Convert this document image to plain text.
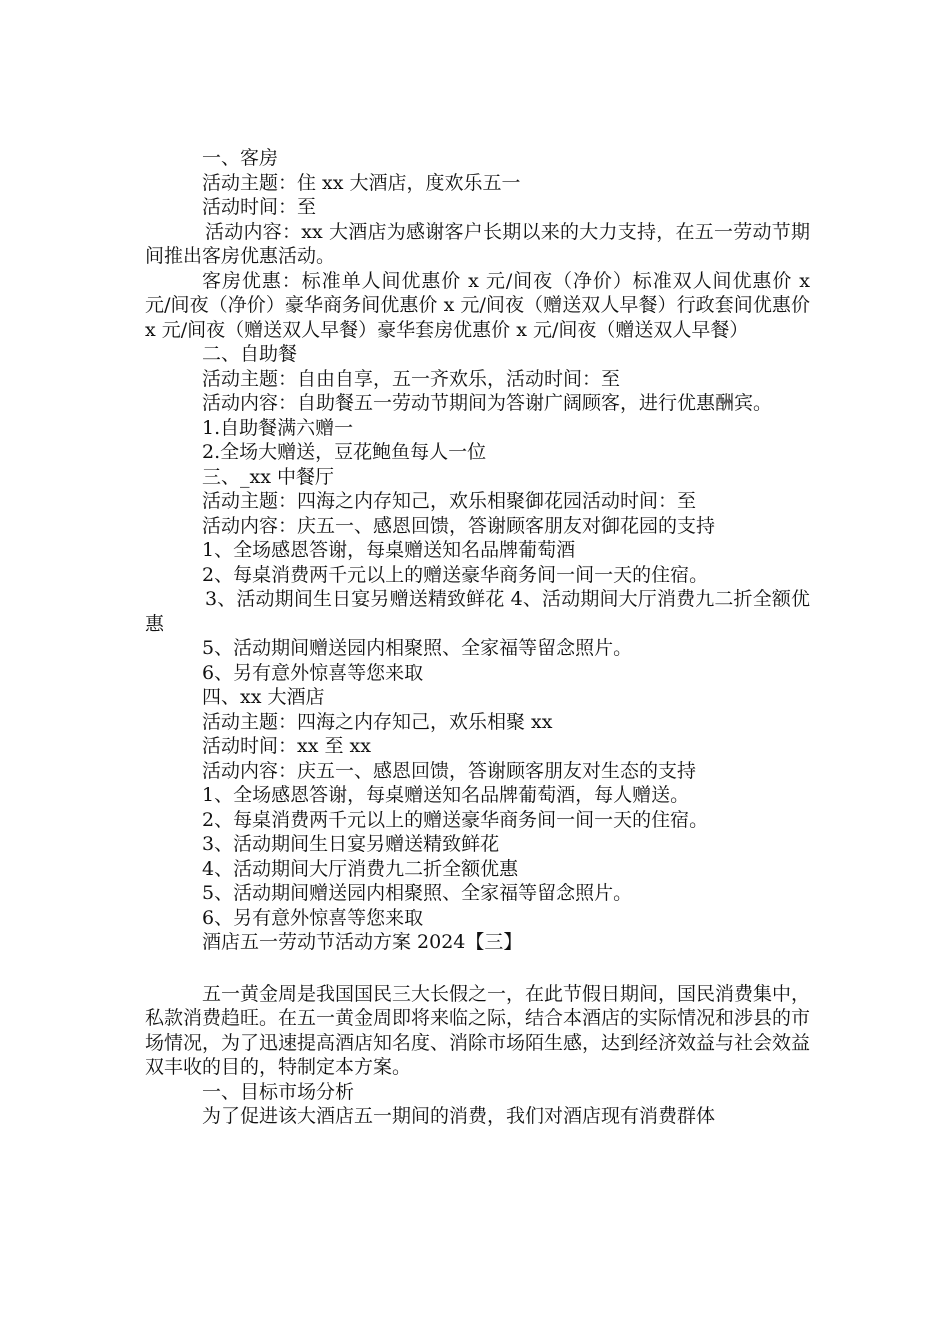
一、客房

活动主题：住 xx 大酒店，度欢乐五一

活动时间：至

活动内容：xx 大酒店为感谢客户长期以来的大力支持，在五一劳动节期间推出客房优惠活动。

客房优惠：标准单人间优惠价 x 元/间夜（净价）标准双人间优惠价 x 元/间夜（净价）豪华商务间优惠价 x 元/间夜（赠送双人早餐）行政套间优惠价 x 元/间夜（赠送双人早餐）豪华套房优惠价 x 元/间夜（赠送双人早餐）

二、自助餐

活动主题：自由自享，五一齐欢乐，活动时间：至

活动内容：自助餐五一劳动节期间为答谢广阔顾客，进行优惠酬宾。

1.自助餐满六赠一

2.全场大赠送，豆花鲍鱼每人一位

三、_xx 中餐厅

活动主题：四海之内存知己，欢乐相聚御花园活动时间：至

活动内容：庆五一、感恩回馈，答谢顾客朋友对御花园的支持

1、全场感恩答谢，每桌赠送知名品牌葡萄酒

2、每桌消费两千元以上的赠送豪华商务间一间一天的住宿。

3、活动期间生日宴另赠送精致鲜花 4、活动期间大厅消费九二折全额优惠

5、活动期间赠送园内相聚照、全家福等留念照片。

6、另有意外惊喜等您来取

四、xx 大酒店

活动主题：四海之内存知己，欢乐相聚 xx

活动时间：xx 至 xx

活动内容：庆五一、感恩回馈，答谢顾客朋友对生态的支持

1、全场感恩答谢，每桌赠送知名品牌葡萄酒，每人赠送。

2、每桌消费两千元以上的赠送豪华商务间一间一天的住宿。

3、活动期间生日宴另赠送精致鲜花

4、活动期间大厅消费九二折全额优惠

5、活动期间赠送园内相聚照、全家福等留念照片。

6、另有意外惊喜等您来取

酒店五一劳动节活动方案 2024【三】

五一黄金周是我国国民三大长假之一，在此节假日期间，国民消费集中，私款消费趋旺。在五一黄金周即将来临之际，结合本酒店的实际情况和涉县的市场情况，为了迅速提高酒店知名度、消除市场陌生感，达到经济效益与社会效益双丰收的目的，特制定本方案。

一、目标市场分析

为了促进该大酒店五一期间的消费，我们对酒店现有消费群体
